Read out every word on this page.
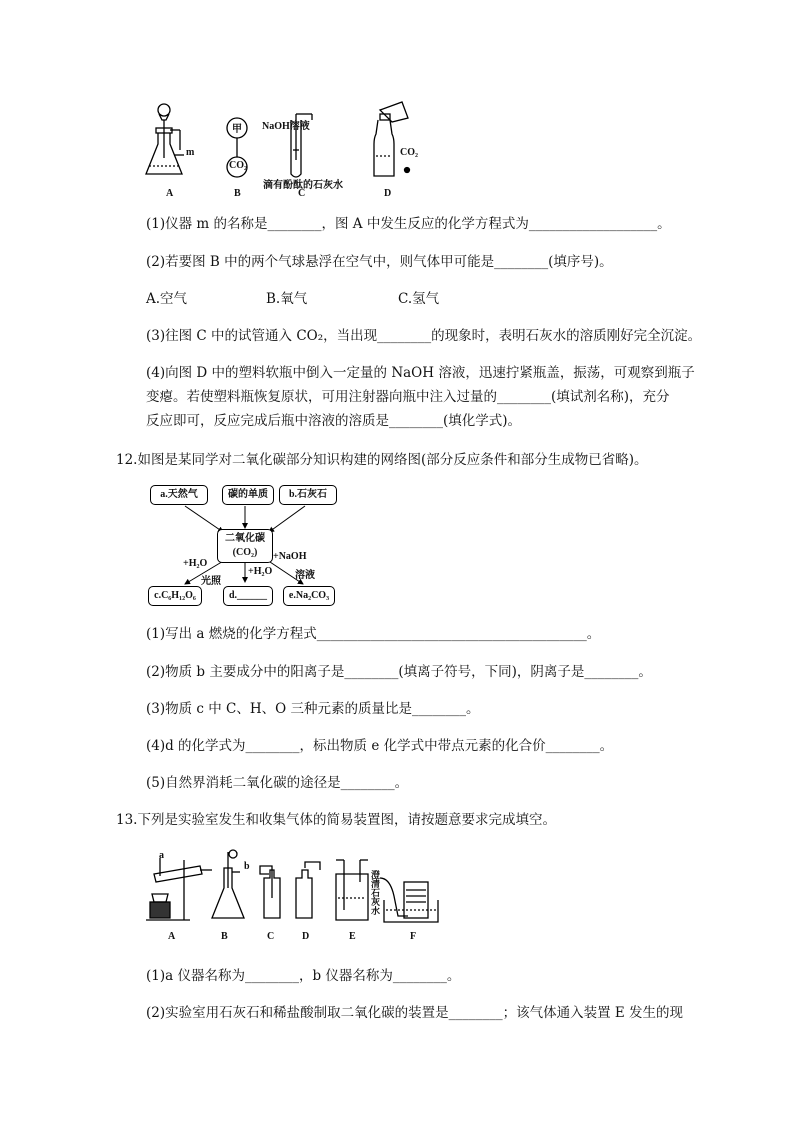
NaOH溶液
CO₂
m
甲
CO₂
滴有酚酞的石灰水
A	B	C	D
(1)仪器 m 的名称是________，图 A 中发生反应的化学方程式为___________________。
(2)若要图 B 中的两个气球悬浮在空气中，则气体甲可能是________(填序号)。
A.空气	B.氧气	C.氢气
(3)往图 C 中的试管通入 CO₂，当出现________的现象时，表明石灰水的溶质刚好完全沉淀。
(4)向图 D 中的塑料软瓶中倒入一定量的 NaOH 溶液，迅速拧紧瓶盖，振荡，可观察到瓶子
变瘪。若使塑料瓶恢复原状，可用注射器向瓶中注入过量的________(填试剂名称)，充分
反应即可，反应完成后瓶中溶液的溶质是________(填化学式)。
12.如图是某同学对二氧化碳部分知识构建的网络图(部分反应条件和部分生成物已省略)。
a.天然气	碳的单质	b.石灰石
二氧化碳
(CO₂)
+H₂O
光照
+H₂O
+NaOH
溶液
c.C₆H₁₂O₆	d.______	e.Na₂CO₃
(1)写出 a 燃烧的化学方程式________________________________________。
(2)物质 b 主要成分中的阳离子是________(填离子符号，下同)，阴离子是________。
(3)物质 c 中 C、H、O 三种元素的质量比是________。
(4)d 的化学式为________，标出物质 e 化学式中带点元素的化合价________。
(5)自然界消耗二氧化碳的途径是________。
13.下列是实验室发生和收集气体的简易装置图，请按题意要求完成填空。
a
b
澄清石灰水
A	B	C	D	E	F
(1)a 仪器名称为________，b 仪器名称为________。
(2)实验室用石灰石和稀盐酸制取二氧化碳的装置是________；该气体通入装置 E 发生的现
